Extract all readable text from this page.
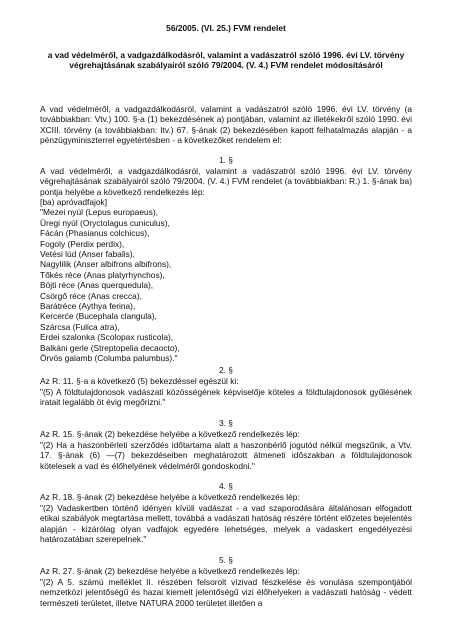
56/2005. (VI. 25.) FVM rendelet
a vad védelméről, a vadgazdálkodásról, valamint a vadászatról szóló 1996. évi LV. törvény végrehajtásának szabályairól szóló 79/2004. (V. 4.) FVM rendelet módosításáról
A vad védelméről, a vadgazdálkodásról, valamint a vadászatról szóló 1996. évi LV. törvény (a továbbiakban: Vtv.) 100. §-a (1) bekezdésének a) pontjában, valamint az illetékekről szóló 1990. évi XCIII. törvény (a továbbiakban: Itv.) 67. §-ának (2) bekezdésében kapott felhatalmazás alapján - a pénzügyminiszterrel egyetértésben - a következőket rendelem el:
1. §
A vad védelméről, a vadgazdálkodásról, valamint a vadászatról szóló 1996. évi LV. törvény végrehajtásának szabályairól szóló 79/2004. (V. 4.) FVM rendelet (a továbbiakban: R.) 1. §-ának ba) pontja helyébe a következő rendelkezés lép:
[ba) apróvadfajok]
"Mezei nyúl (Lepus europaeus),
Üregi nyúl (Oryctolagus cuniculus),
Fácán (Phasianus colchicus),
Fogoly (Perdix perdix),
Vetési lúd (Anser fabalis),
Nagylilik (Anser albifrons albifrons),
Tőkés réce (Anas platyrhynchos),
Böjti réce (Anas querquedula),
Csörgő réce (Anas crecca),
Barátréce (Aythya ferina),
Kercerće (Bucephala clangula),
Szárcsa (Fulica atra),
Erdei szalonka (Scolopax rusticola),
Balkáni gerle (Streptopelia decaocto),
Örvös galamb (Columba palumbus)."
2. §
Az R. 11. §-a a következő (5) bekezdéssel egészül ki:
"(5) A földtulajdonosok vadászati közösségének képviselője köteles a földtulajdonosok gyűlésének iratait legalább öt évig megőrizni."
3. §
Az R. 15. §-ának (2) bekezdése helyébe a következő rendelkezés lép:
"(2) Ha a haszonbérleti szerződés időtartama alatt a haszonbérlő jogutód nélkül megszűnik, a Vtv. 17. §-ának (6) —(7) bekezdéseiben meghatározott átmeneti időszakban a földtulajdonosok kötelesek a vad és élőhelyének védelméről gondoskodni."
4. §
Az R. 18. §-ának (2) bekezdése helyébe a következő rendelkezés lép:
"(2) Vadaskertben történő idényen kívüli vadászat - a vad szaporodására általánosan elfogadott etikai szabályok megtartása mellett, továbbá a vadászati hatóság részére történt előzetes bejelentés alapján - kizárólag olyan vadfajok egyedére lehetséges, melyek a vadaskert engedélyezési határozatában szerepelnek."
5. §
Az R. 27. §-ának (2) bekezdése helyébe a következő rendelkezés lép:
"(2) A 5. számú melléklet II. részében felsorolt vízivad fészkelése és vonulása szempontjából nemzetközi jelentőségű és hazai kiemelt jelentőségű vizi élőhelyeken a vadászati hatóság - védett természeti területet, illetve NATURA 2000 területet illetően a
